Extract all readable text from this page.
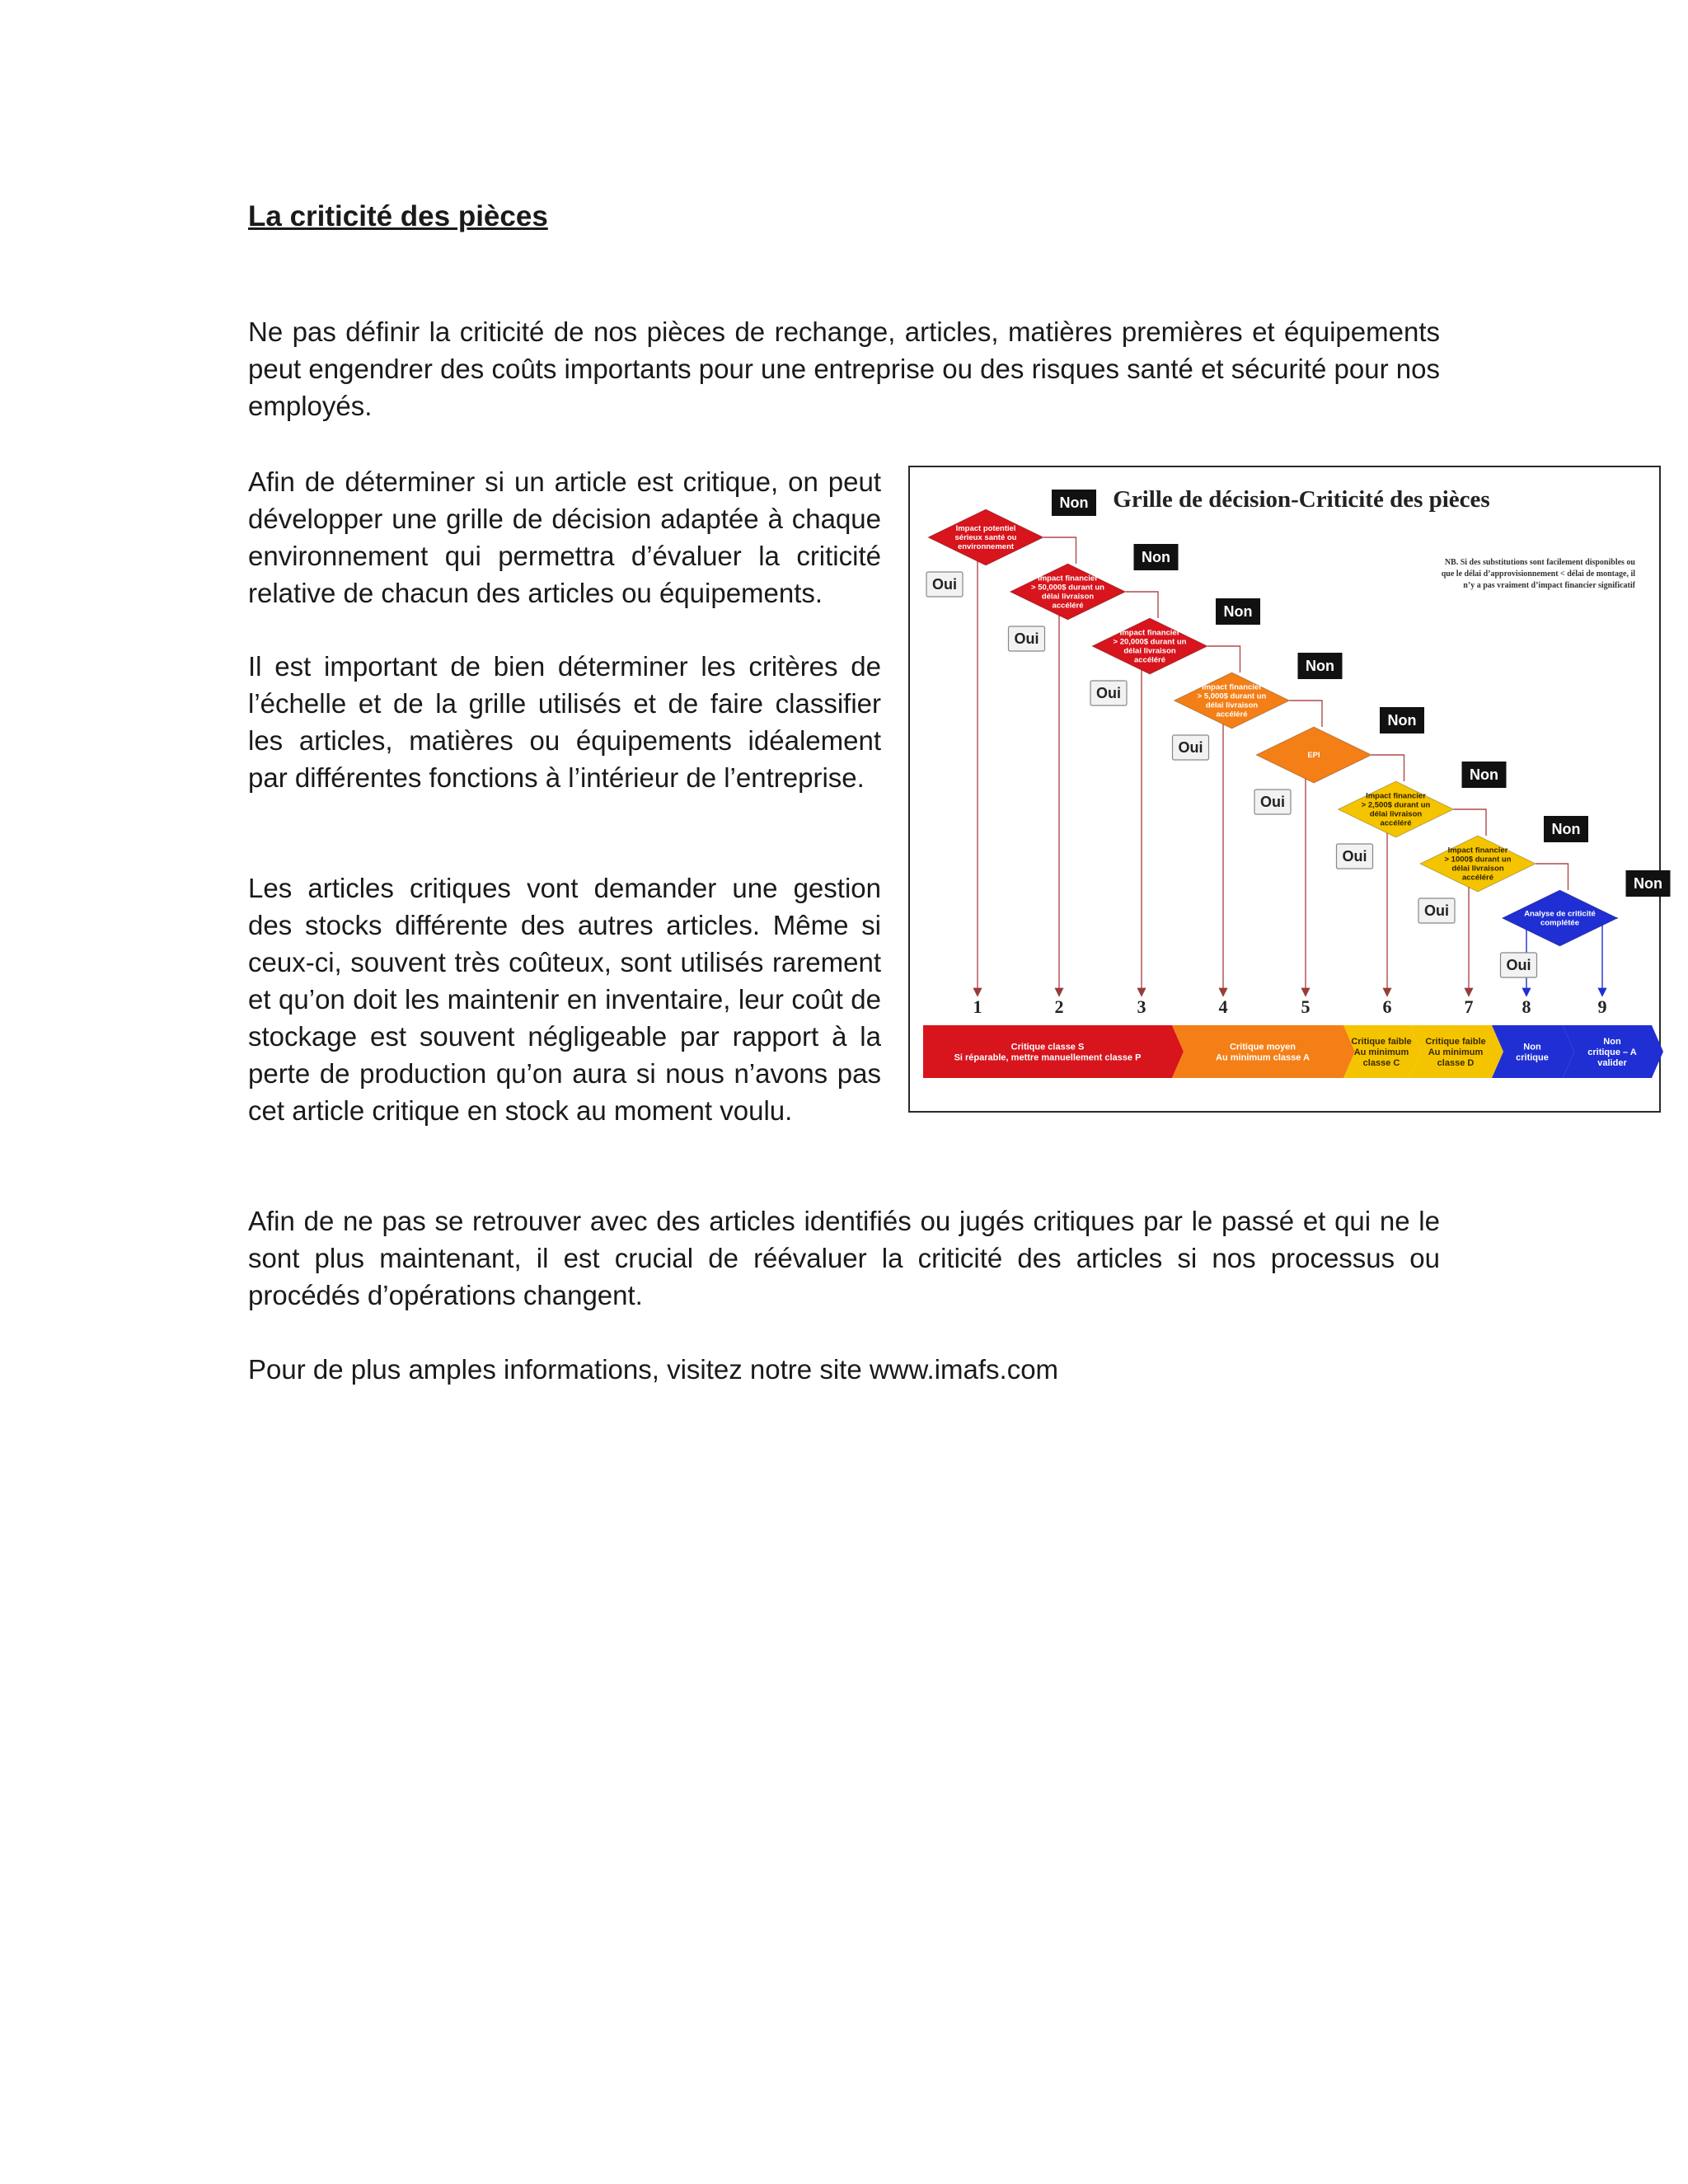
La criticité des pièces

Ne pas définir la criticité de nos pièces de rechange, articles, matières premières et équipements peut engendrer des coûts importants pour une entreprise ou des risques santé et sécurité pour nos employés.

Afin de déterminer si un article est critique, on peut développer une grille de décision adaptée à chaque environnement qui permettra d’évaluer la criticité relative de chacun des articles ou équipements.

Il est important de bien déterminer les critères de l’échelle et de la grille utilisés et de faire classifier les articles, matières ou équipements idéalement par différentes fonctions à l’intérieur de l’entreprise.

Les articles critiques vont demander une gestion des stocks différente des autres articles. Même si ceux-ci, souvent très coûteux, sont utilisés rarement et qu’on doit les maintenir en inventaire, leur coût de stockage est souvent négligeable par rapport à la perte de production qu’on aura si nous n’avons pas cet article critique en stock au moment voulu.

Afin de ne pas se retrouver avec des articles identifiés ou jugés critiques par le passé et qui ne le sont plus maintenant, il est crucial de réévaluer la criticité des articles si nos processus ou procédés d’opérations changent.

Pour de plus amples informations, visitez notre site www.imafs.com

Grille de décision-Criticité des pièces
NB. Si des substitutions sont facilement disponibles ou
que le délai d’approvisionnement < délai de montage, il
n’y a pas vraiment d’impact financier significatif
Impact potentiel
sérieux santé ou
environnement
Impact financier
> 50,000$ durant un
délai livraison
accéléré
Impact financier
> 20,000$ durant un
délai livraison
accéléré
Impact financier
> 5,000$ durant un
délai livraison
accéléré
EPI
Impact financier
> 2,500$ durant un
délai livraison
accéléré
Impact financier
> 1000$ durant un
délai livraison
accéléré
Analyse de criticité
complétée
Non
Oui
Non
Oui
Non
Oui
Non
Oui
Non
Oui
Non
Oui
Non
Oui
Non
Oui
1	2	3	4	5	6	7	8	9
Critique classe S
Si réparable, mettre manuellement classe P
Critique moyen
Au minimum classe A
Critique faible
Au minimum
classe C
Critique faible
Au minimum
classe D
Non
critique
Non
critique – A
valider
